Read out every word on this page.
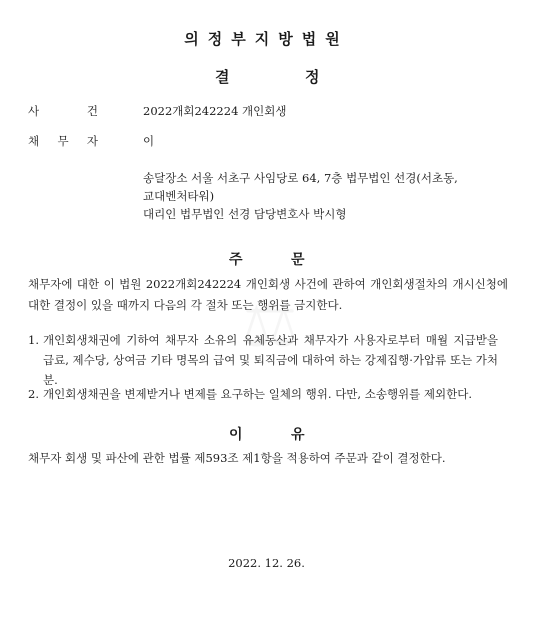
⚖
의정부지방법원
결	정
사	건	2022개회242224 개인회생
채 무 자	이
송달장소 서울 서초구 사임당로 64, 7층 법무법인 선경(서초동,
교대벤처타워)
대리인 법무법인 선경 담당변호사 박시형
주	문
채무자에 대한 이 법원 2022개회242224 개인회생 사건에 관하여 개인회생절차의 개시신청에 대한 결정이 있을 때까지 다음의 각 절차 또는 행위를 금지한다.
1. 개인회생채권에 기하여 채무자 소유의 유체동산과 채무자가 사용자로부터 매월 지급받을 급료, 제수당, 상여금 기타 명목의 급여 및 퇴직금에 대하여 하는 강제집행·가압류 또는 가처분.
2. 개인회생채권을 변제받거나 변제를 요구하는 일체의 행위. 다만, 소송행위를 제외한다.
이	유
채무자 회생 및 파산에 관한 법률 제593조 제1항을 적용하여 주문과 같이 결정한다.
2022. 12. 26.
